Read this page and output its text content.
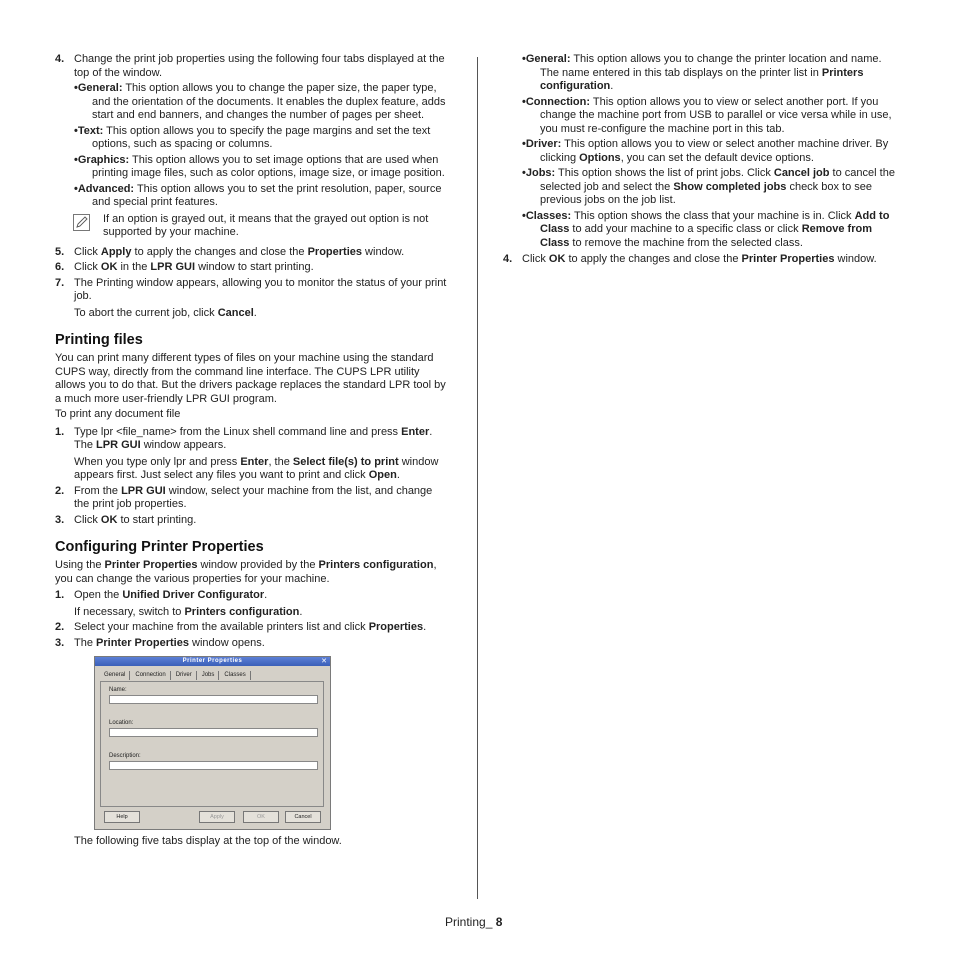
4. Change the print job properties using the following four tabs displayed at the top of the window.
•General: This option allows you to change the paper size, the paper type, and the orientation of the documents. It enables the duplex feature, adds start and end banners, and changes the number of pages per sheet.
•Text: This option allows you to specify the page margins and set the text options, such as spacing or columns.
•Graphics: This option allows you to set image options that are used when printing image files, such as color options, image size, or image position.
•Advanced: This option allows you to set the print resolution, paper, source and special print features.
If an option is grayed out, it means that the grayed out option is not supported by your machine.
5. Click Apply to apply the changes and close the Properties window.
6. Click OK in the LPR GUI window to start printing.
7. The Printing window appears, allowing you to monitor the status of your print job.

To abort the current job, click Cancel.

Printing files

You can print many different types of files on your machine using the standard CUPS way, directly from the command line interface. The CUPS LPR utility allows you to do that. But the drivers package replaces the standard LPR tool by a much more user-friendly LPR GUI program.

To print any document file

1. Type lpr <file_name> from the Linux shell command line and press Enter. The LPR GUI window appears.

When you type only lpr and press Enter, the Select file(s) to print window appears first. Just select any files you want to print and click Open.

2. From the LPR GUI window, select your machine from the list, and change the print job properties.
3. Click OK to start printing.
Configuring Printer Properties

Using the Printer Properties window provided by the Printers configuration, you can change the various properties for your machine.

1. Open the Unified Driver Configurator.

If necessary, switch to Printers configuration.

2. Select your machine from the available printers list and click Properties.
3. The Printer Properties window opens.
Printer Properties	✕
General Connection Driver Jobs Classes
Name:
Location:
Description:
Help	Apply	OK	Cancel

The following five tabs display at the top of the window.

•General: This option allows you to change the printer location and name. The name entered in this tab displays on the printer list in Printers configuration.
•Connection: This option allows you to view or select another port. If you change the machine port from USB to parallel or vice versa while in use, you must re-configure the machine port in this tab.
•Driver: This option allows you to view or select another machine driver. By clicking Options, you can set the default device options.
•Jobs: This option shows the list of print jobs. Click Cancel job to cancel the selected job and select the Show completed jobs check box to see previous jobs on the job list.
•Classes: This option shows the class that your machine is in. Click Add to Class to add your machine to a specific class or click Remove from Class to remove the machine from the selected class.
4. Click OK to apply the changes and close the Printer Properties window.
Printing_ 8
